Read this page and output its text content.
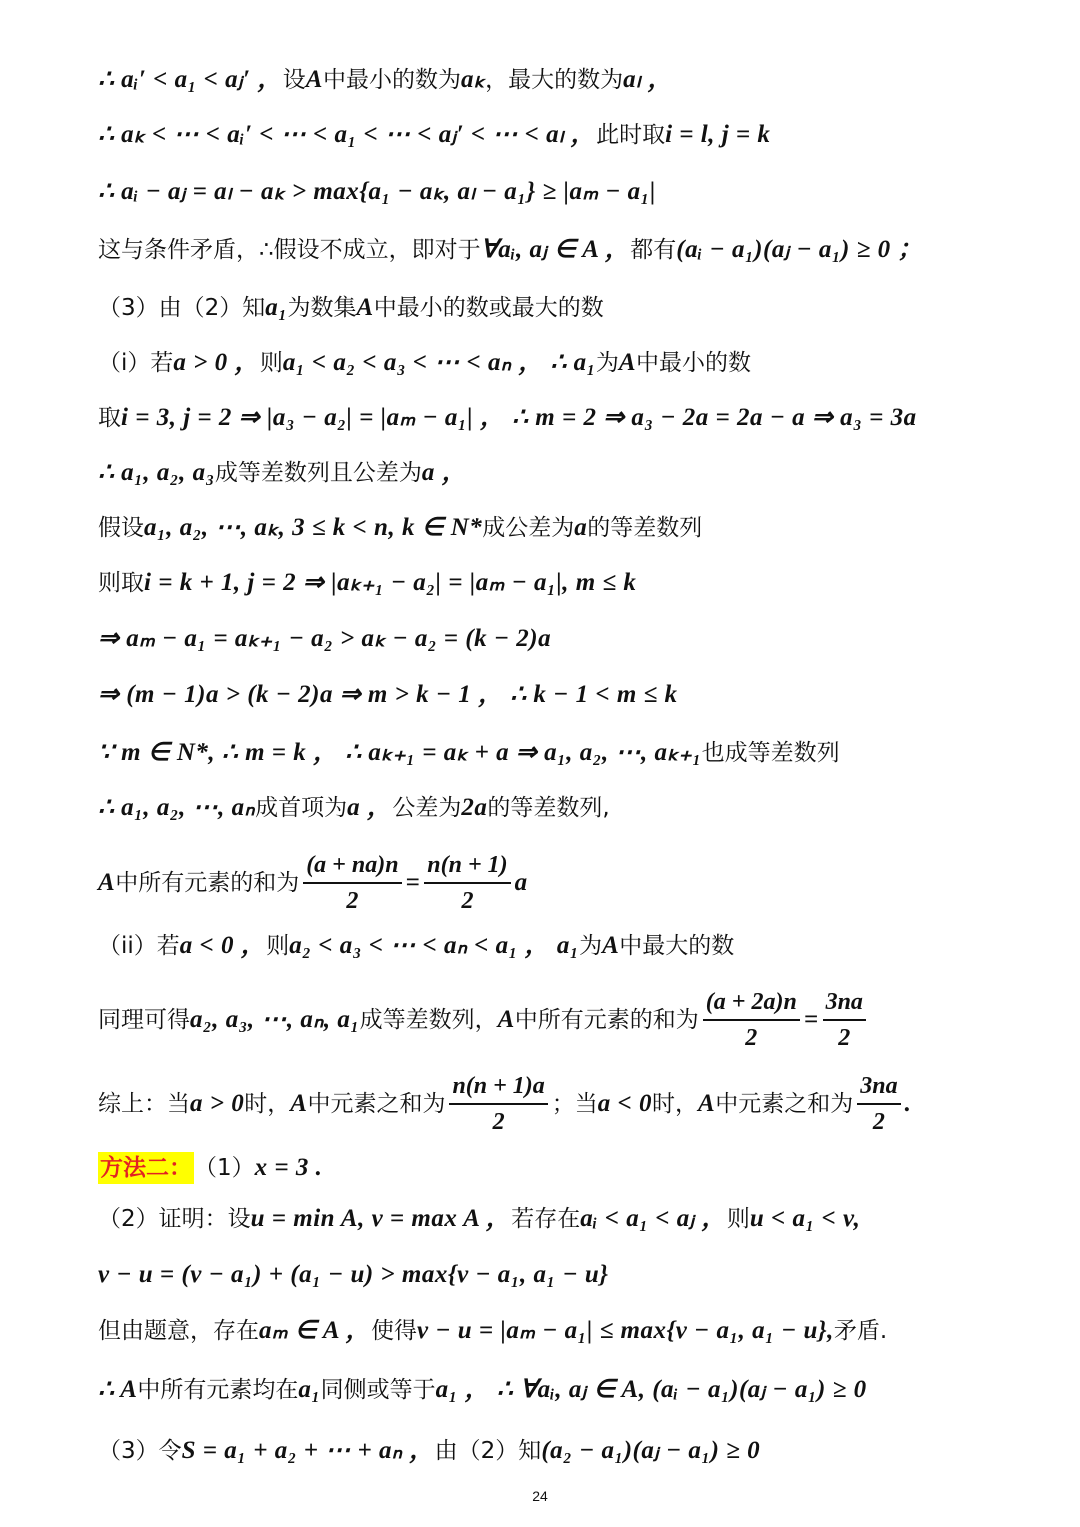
∴ aᵢ′ < a₁ < aⱼ′ ， 设 A 中最小的数为 aₖ ，最大的数为 aₗ ，
∴ aₖ < ⋯ < aᵢ′ < ⋯ < a₁ < ⋯ < aⱼ′ < ⋯ < aₗ ， 此时取 i = l, j = k
∴ aᵢ − aⱼ = aₗ − aₖ > max{a₁ − aₖ, aₗ − a₁} ≥ |aₘ − a₁|
这与条件矛盾，∴假设不成立，即对于 ∀aᵢ, aⱼ ∈ A ， 都有 (aᵢ − a₁)(aⱼ − a₁) ≥ 0 ；
（3）由（2）知 a₁ 为数集 A 中最小的数或最大的数
（i）若 a > 0 ， 则 a₁ < a₂ < a₃ < ⋯ < aₙ ， ∴ a₁ 为 A 中最小的数
取 i = 3, j = 2 ⇒ |a₃ − a₂| = |aₘ − a₁| ， ∴ m = 2 ⇒ a₃ − 2a = 2a − a ⇒ a₃ = 3a
∴ a₁, a₂, a₃ 成等差数列且公差为 a ，
假设 a₁, a₂, ⋯, aₖ, 3 ≤ k < n, k ∈ N* 成公差为 a 的等差数列
则取 i = k + 1, j = 2 ⇒ |aₖ₊₁ − a₂| = |aₘ − a₁|, m ≤ k
⇒ aₘ − a₁ = aₖ₊₁ − a₂ > aₖ − a₂ = (k − 2)a
⇒ (m − 1)a > (k − 2)a ⇒ m > k − 1 ， ∴ k − 1 < m ≤ k
∵ m ∈ N*, ∴ m = k ， ∴ aₖ₊₁ = aₖ + a ⇒ a₁, a₂, ⋯, aₖ₊₁ 也成等差数列
∴ a₁, a₂, ⋯, aₙ 成首项为 a ， 公差为 2a 的等差数列,
A 中所有元素的和为 $\frac{(a + na)n}{2} = \frac{n(n + 1)}{2}$ a
（ii）若 a < 0 ， 则 a₂ < a₃ < ⋯ < aₙ < a₁ ， a₁ 为 A 中最大的数
同理可得 a₂, a₃, ⋯, aₙ, a₁ 成等差数列， A 中所有元素的和为 $\frac{(a + 2a)n}{2} = \frac{3na}{2}$
综上：当 a > 0 时， A 中元素之和为 $\frac{n(n + 1)a}{2}$ ；当 a < 0 时， A 中元素之和为 $\frac{3na}{2}$ .
方法二： （1） x = 3 .
（2）证明：设 u = min A, v = max A ， 若存在 aᵢ < a₁ < aⱼ ， 则 u < a₁ < v,
v − u = (v − a₁) + (a₁ − u) > max{v − a₁, a₁ − u}
但由题意，存在 aₘ ∈ A ， 使得 v − u = |aₘ − a₁| ≤ max{v − a₁, a₁ − u}, 矛盾.
∴ A 中所有元素均在 a₁ 同侧或等于 a₁ ， ∴ ∀aᵢ, aⱼ ∈ A, (aᵢ − a₁)(aⱼ − a₁) ≥ 0
（3）令 S = a₁ + a₂ + ⋯ + aₙ ， 由（2）知 (a₂ − a₁)(aⱼ − a₁) ≥ 0
24
